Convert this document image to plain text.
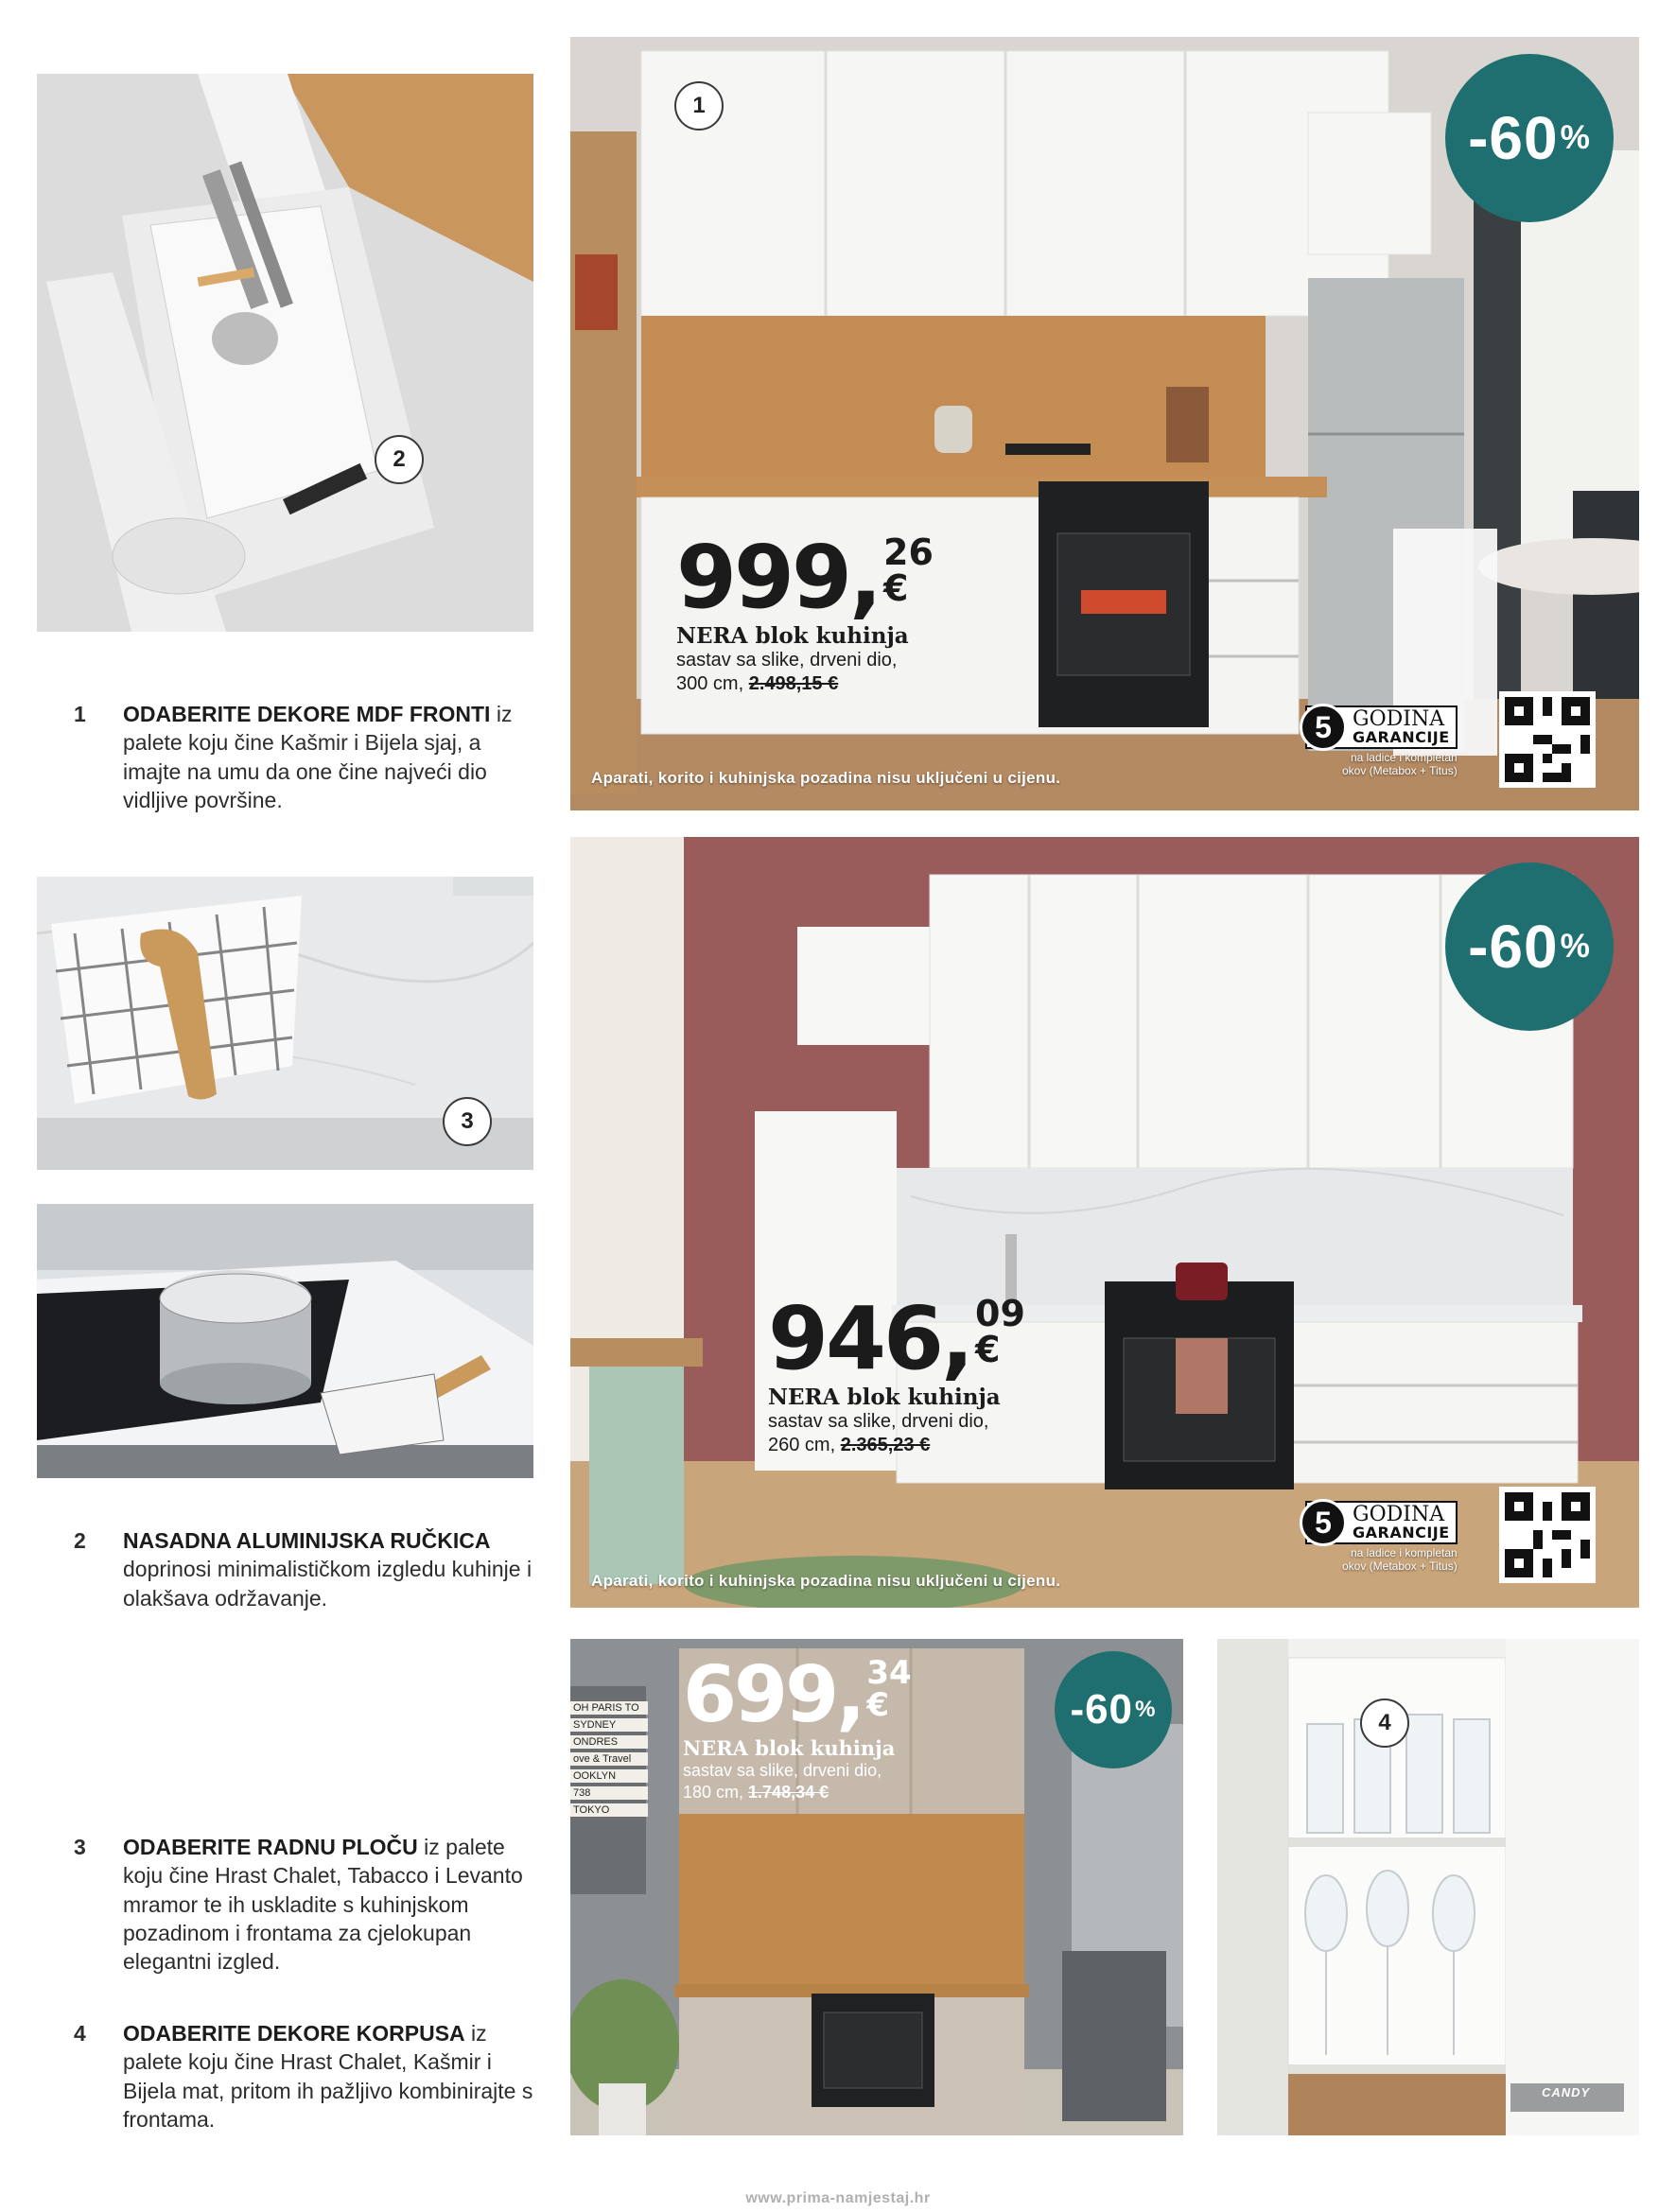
2
1 ODABERITE DEKORE MDF FRONTI iz palete koju čine Kašmir i Bijela sjaj, a imajte na umu da one čine najveći dio vidljive površine.
3
2 NASADNA ALUMINIJSKA RUČKICA doprinosi minimalističkom izgledu kuhinje i olakšava održavanje.
3 ODABERITE RADNU PLOČU iz palete koju čine Hrast Chalet, Tabacco i Levanto mramor te ih uskladite s kuhinjskom pozadinom i frontama za cjelokupan elegantni izgled.
4 ODABERITE DEKORE KORPUSA iz palete koju čine Hrast Chalet, Kašmir i Bijela mat, pritom ih pažljivo kombinirajte s frontama.
1	-60 %
999, 26
€
NERA blok kuhinja
sastav sa slike, drveni dio,
300 cm, 2.498,15 €
Aparati, korito i kuhinjska pozadina nisu uključeni u cijenu.
5	GODINA
GARANCIJE
na ladice i kompletan
okov (Metabox + Titus)
-60 %
946, 09
€
NERA blok kuhinja
sastav sa slike, drveni dio,
260 cm, 2.365,23 €
Aparati, korito i kuhinjska pozadina nisu uključeni u cijenu.
5	GODINA
GARANCIJE
na ladice i kompletan
okov (Metabox + Titus)
OH PARIS TO
SYDNEY
ONDRES
ove & Travel
OOKLYN
738
TOKYO
-60 %
699, 34
€
NERA blok kuhinja
sastav sa slike, drveni dio,
180 cm, 1.748,34 €
CANDY
4
www.prima-namjestaj.hr
